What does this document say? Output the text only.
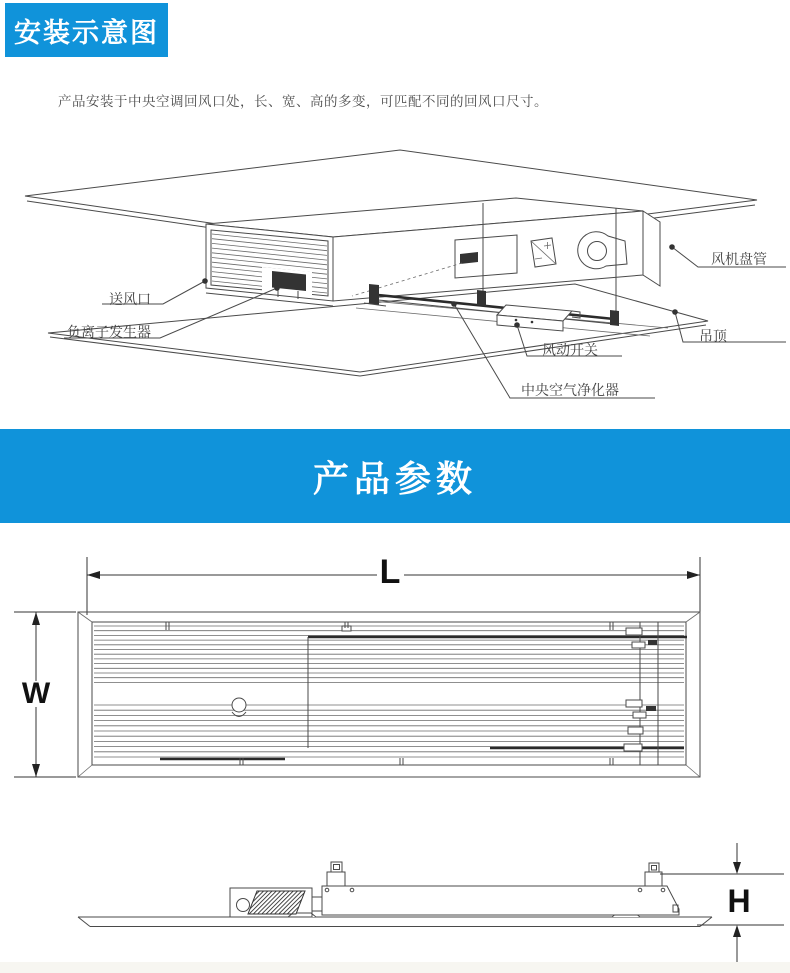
安装示意图
产品安装于中央空调回风口处，长、宽、高的多变，可匹配不同的回风口尺寸。
送风口
负离子发生器
风机盘管
吊顶
风动开关
中央空气净化器
产品参数
L
W
H
